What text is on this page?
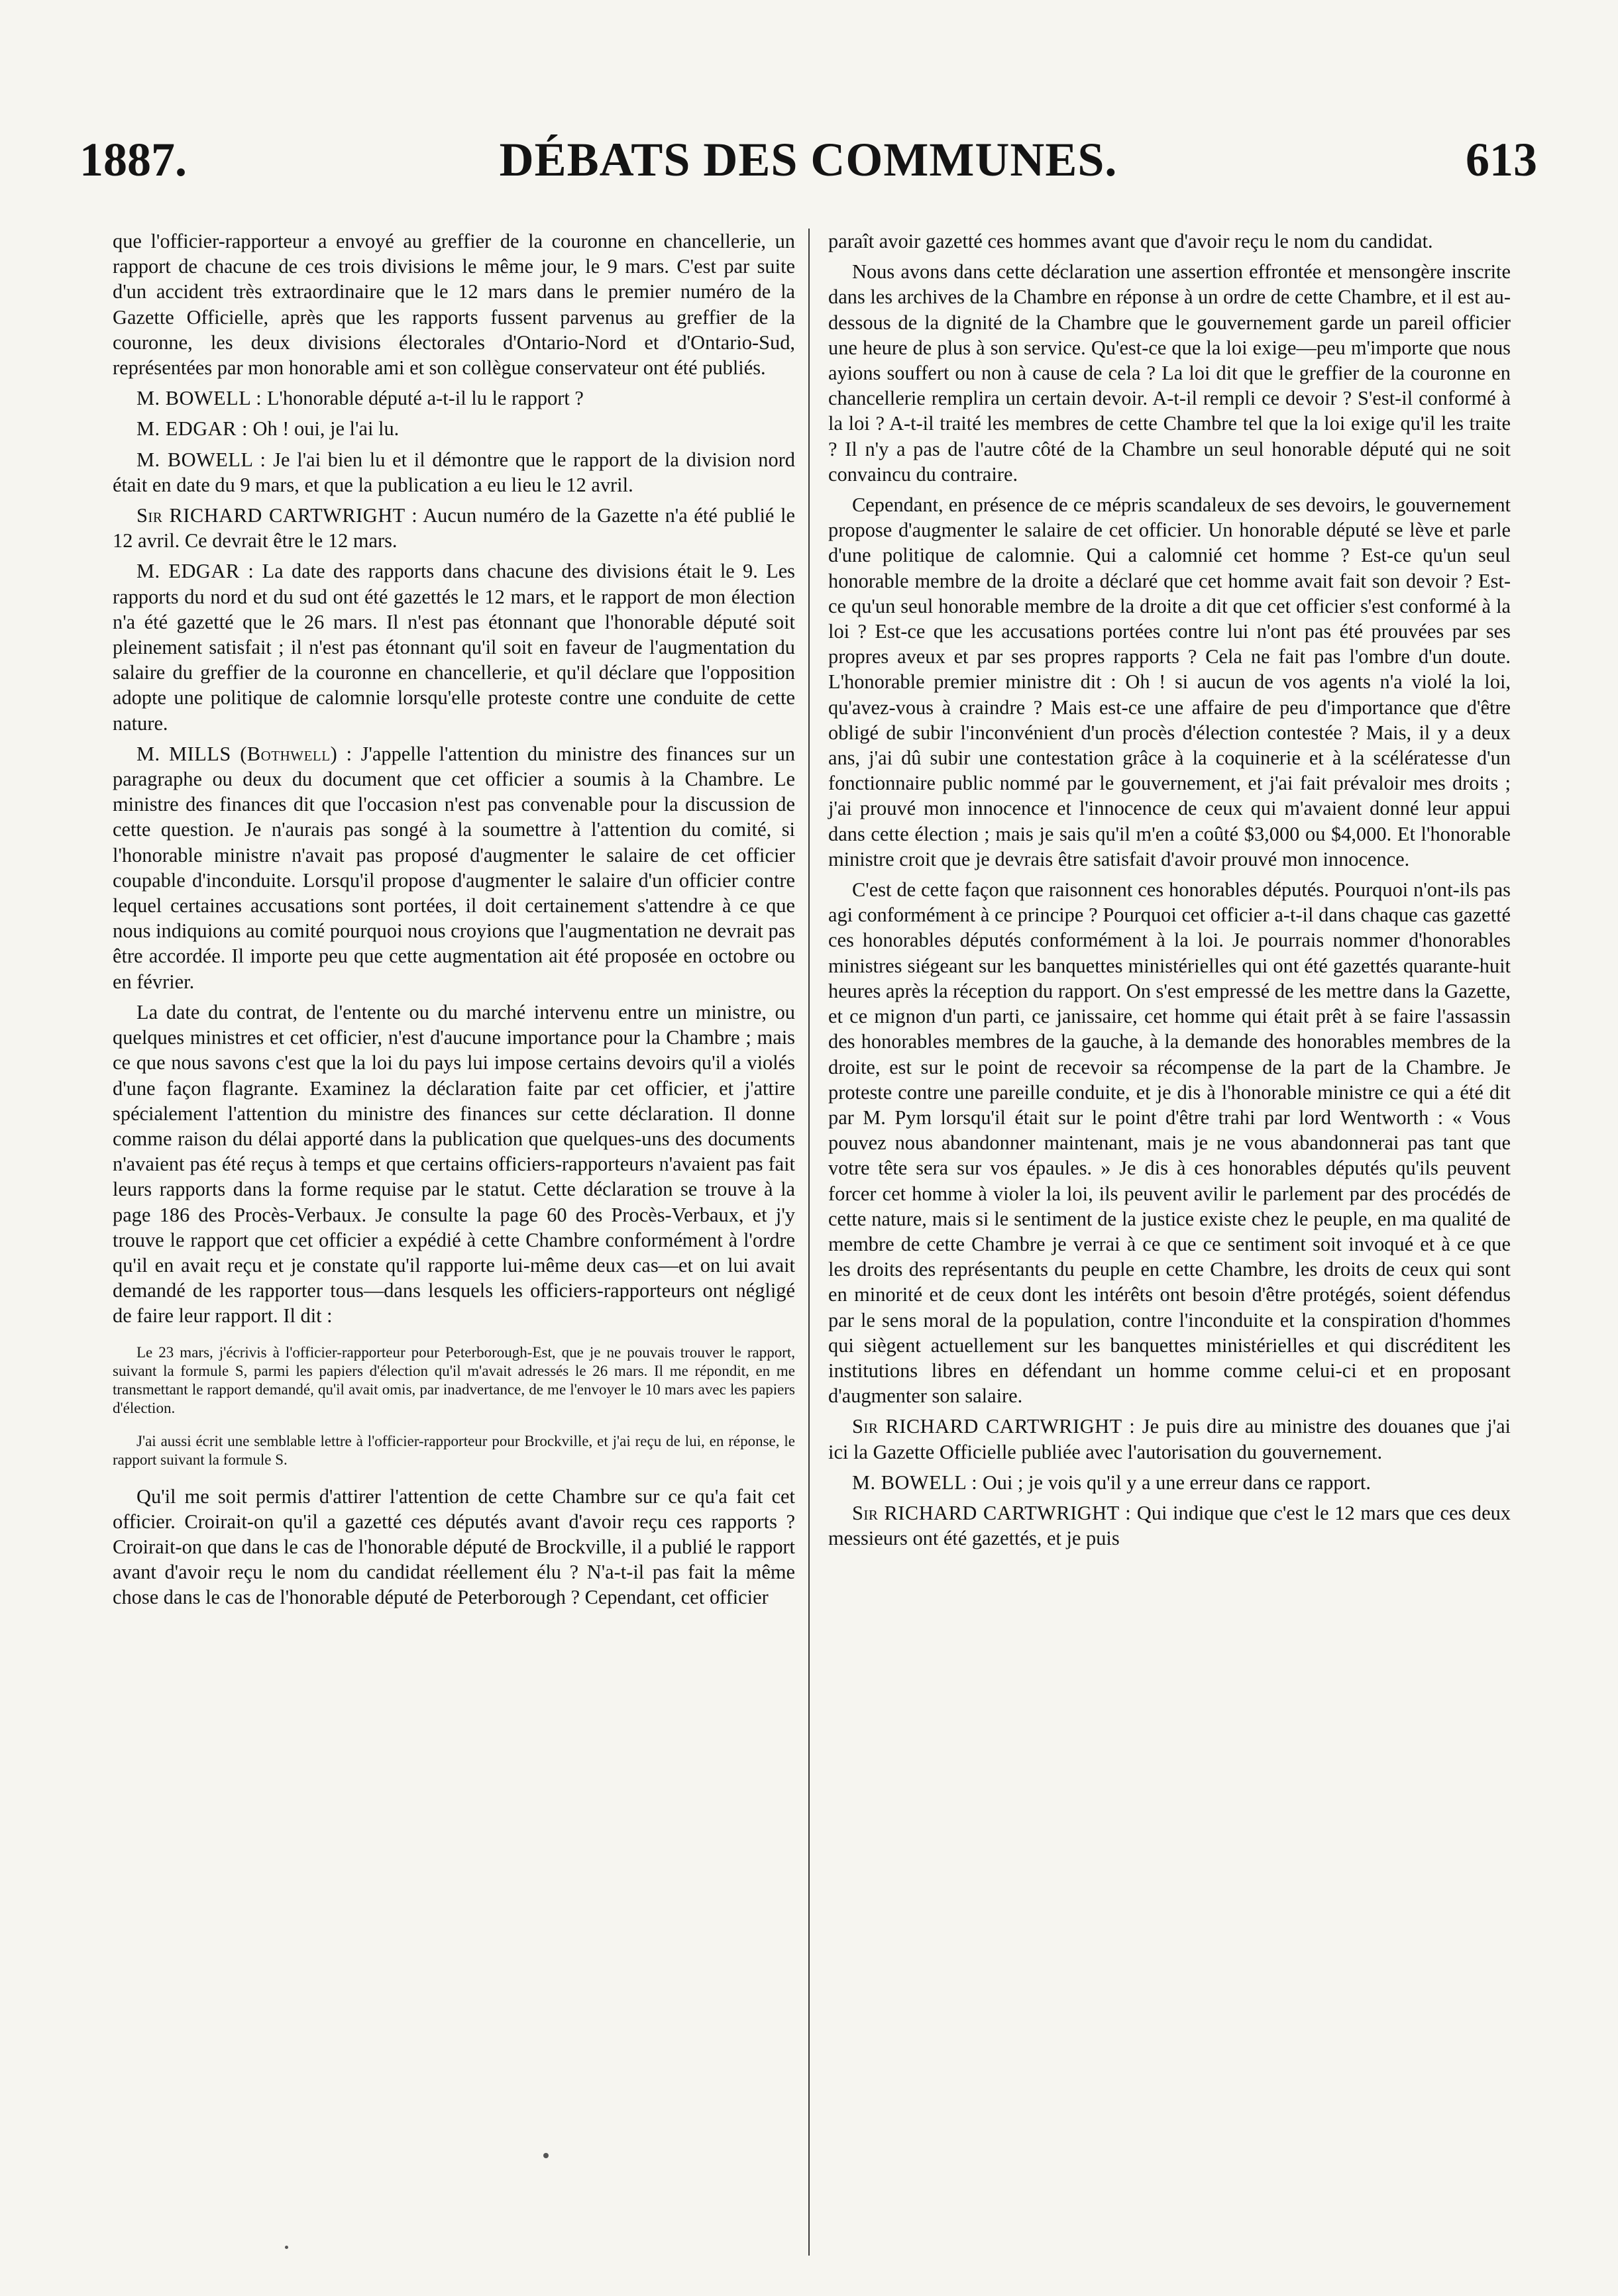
1887.	DÉBATS DES COMMUNES.	613

que l'officier-rapporteur a envoyé au greffier de la couronne en chancellerie, un rapport de chacune de ces trois divisions le même jour, le 9 mars. C'est par suite d'un accident très extraordinaire que le 12 mars dans le premier numéro de la Gazette Officielle, après que les rapports fussent parvenus au greffier de la couronne, les deux divisions électorales d'Ontario-Nord et d'Ontario-Sud, représentées par mon honorable ami et son collègue conservateur ont été publiés.

M. BOWELL : L'honorable député a-t-il lu le rapport ?

M. EDGAR : Oh ! oui, je l'ai lu.

M. BOWELL : Je l'ai bien lu et il démontre que le rapport de la division nord était en date du 9 mars, et que la publication a eu lieu le 12 avril.

Sir RICHARD CARTWRIGHT : Aucun numéro de la Gazette n'a été publié le 12 avril. Ce devrait être le 12 mars.

M. EDGAR : La date des rapports dans chacune des divisions était le 9. Les rapports du nord et du sud ont été gazettés le 12 mars, et le rapport de mon élection n'a été gazetté que le 26 mars. Il n'est pas étonnant que l'honorable député soit pleinement satisfait ; il n'est pas étonnant qu'il soit en faveur de l'augmentation du salaire du greffier de la couronne en chancellerie, et qu'il déclare que l'opposition adopte une politique de calomnie lorsqu'elle proteste contre une conduite de cette nature.

M. MILLS (Bothwell) : J'appelle l'attention du ministre des finances sur un paragraphe ou deux du document que cet officier a soumis à la Chambre. Le ministre des finances dit que l'occasion n'est pas convenable pour la discussion de cette question. Je n'aurais pas songé à la soumettre à l'attention du comité, si l'honorable ministre n'avait pas proposé d'augmenter le salaire de cet officier coupable d'inconduite. Lorsqu'il propose d'augmenter le salaire d'un officier contre lequel certaines accusations sont portées, il doit certainement s'attendre à ce que nous indiquions au comité pourquoi nous croyions que l'augmentation ne devrait pas être accordée. Il importe peu que cette augmentation ait été proposée en octobre ou en février.

La date du contrat, de l'entente ou du marché intervenu entre un ministre, ou quelques ministres et cet officier, n'est d'aucune importance pour la Chambre ; mais ce que nous savons c'est que la loi du pays lui impose certains devoirs qu'il a violés d'une façon flagrante. Examinez la déclaration faite par cet officier, et j'attire spécialement l'attention du ministre des finances sur cette déclaration. Il donne comme raison du délai apporté dans la publication que quelques-uns des documents n'avaient pas été reçus à temps et que certains officiers-rapporteurs n'avaient pas fait leurs rapports dans la forme requise par le statut. Cette déclaration se trouve à la page 186 des Procès-Verbaux. Je consulte la page 60 des Procès-Verbaux, et j'y trouve le rapport que cet officier a expédié à cette Chambre conformément à l'ordre qu'il en avait reçu et je constate qu'il rapporte lui-même deux cas—et on lui avait demandé de les rapporter tous—dans lesquels les officiers-rapporteurs ont négligé de faire leur rapport. Il dit :

Le 23 mars, j'écrivis à l'officier-rapporteur pour Peterborough-Est, que je ne pouvais trouver le rapport, suivant la formule S, parmi les papiers d'élection qu'il m'avait adressés le 26 mars. Il me répondit, en me transmettant le rapport demandé, qu'il avait omis, par inadvertance, de me l'envoyer le 10 mars avec les papiers d'élection.

J'ai aussi écrit une semblable lettre à l'officier-rapporteur pour Brockville, et j'ai reçu de lui, en réponse, le rapport suivant la formule S.

Qu'il me soit permis d'attirer l'attention de cette Chambre sur ce qu'a fait cet officier. Croirait-on qu'il a gazetté ces députés avant d'avoir reçu ces rapports ? Croirait-on que dans le cas de l'honorable député de Brockville, il a publié le rapport avant d'avoir reçu le nom du candidat réellement élu ? N'a-t-il pas fait la même chose dans le cas de l'honorable député de Peterborough ? Cependant, cet officier

paraît avoir gazetté ces hommes avant que d'avoir reçu le nom du candidat.

Nous avons dans cette déclaration une assertion effrontée et mensongère inscrite dans les archives de la Chambre en réponse à un ordre de cette Chambre, et il est au-dessous de la dignité de la Chambre que le gouvernement garde un pareil officier une heure de plus à son service. Qu'est-ce que la loi exige—peu m'importe que nous ayions souffert ou non à cause de cela ? La loi dit que le greffier de la couronne en chancellerie remplira un certain devoir. A-t-il rempli ce devoir ? S'est-il conformé à la loi ? A-t-il traité les membres de cette Chambre tel que la loi exige qu'il les traite ? Il n'y a pas de l'autre côté de la Chambre un seul honorable député qui ne soit convaincu du contraire.

Cependant, en présence de ce mépris scandaleux de ses devoirs, le gouvernement propose d'augmenter le salaire de cet officier. Un honorable député se lève et parle d'une politique de calomnie. Qui a calomnié cet homme ? Est-ce qu'un seul honorable membre de la droite a déclaré que cet homme avait fait son devoir ? Est-ce qu'un seul honorable membre de la droite a dit que cet officier s'est conformé à la loi ? Est-ce que les accusations portées contre lui n'ont pas été prouvées par ses propres aveux et par ses propres rapports ? Cela ne fait pas l'ombre d'un doute. L'honorable premier ministre dit : Oh ! si aucun de vos agents n'a violé la loi, qu'avez-vous à craindre ? Mais est-ce une affaire de peu d'importance que d'être obligé de subir l'inconvénient d'un procès d'élection contestée ? Mais, il y a deux ans, j'ai dû subir une contestation grâce à la coquinerie et à la scélératesse d'un fonctionnaire public nommé par le gouvernement, et j'ai fait prévaloir mes droits ; j'ai prouvé mon innocence et l'innocence de ceux qui m'avaient donné leur appui dans cette élection ; mais je sais qu'il m'en a coûté $3,000 ou $4,000. Et l'honorable ministre croit que je devrais être satisfait d'avoir prouvé mon innocence.

C'est de cette façon que raisonnent ces honorables députés. Pourquoi n'ont-ils pas agi conformément à ce principe ? Pourquoi cet officier a-t-il dans chaque cas gazetté ces honorables députés conformément à la loi. Je pourrais nommer d'honorables ministres siégeant sur les banquettes ministérielles qui ont été gazettés quarante-huit heures après la réception du rapport. On s'est empressé de les mettre dans la Gazette, et ce mignon d'un parti, ce janissaire, cet homme qui était prêt à se faire l'assassin des honorables membres de la gauche, à la demande des honorables membres de la droite, est sur le point de recevoir sa récompense de la part de la Chambre. Je proteste contre une pareille conduite, et je dis à l'honorable ministre ce qui a été dit par M. Pym lorsqu'il était sur le point d'être trahi par lord Wentworth : « Vous pouvez nous abandonner maintenant, mais je ne vous abandonnerai pas tant que votre tête sera sur vos épaules. » Je dis à ces honorables députés qu'ils peuvent forcer cet homme à violer la loi, ils peuvent avilir le parlement par des procédés de cette nature, mais si le sentiment de la justice existe chez le peuple, en ma qualité de membre de cette Chambre je verrai à ce que ce sentiment soit invoqué et à ce que les droits des représentants du peuple en cette Chambre, les droits de ceux qui sont en minorité et de ceux dont les intérêts ont besoin d'être protégés, soient défendus par le sens moral de la population, contre l'inconduite et la conspiration d'hommes qui siègent actuellement sur les banquettes ministérielles et qui discréditent les institutions libres en défendant un homme comme celui-ci et en proposant d'augmenter son salaire.

Sir RICHARD CARTWRIGHT : Je puis dire au ministre des douanes que j'ai ici la Gazette Officielle publiée avec l'autorisation du gouvernement.

M. BOWELL : Oui ; je vois qu'il y a une erreur dans ce rapport.

Sir RICHARD CARTWRIGHT : Qui indique que c'est le 12 mars que ces deux messieurs ont été gazettés, et je puis
